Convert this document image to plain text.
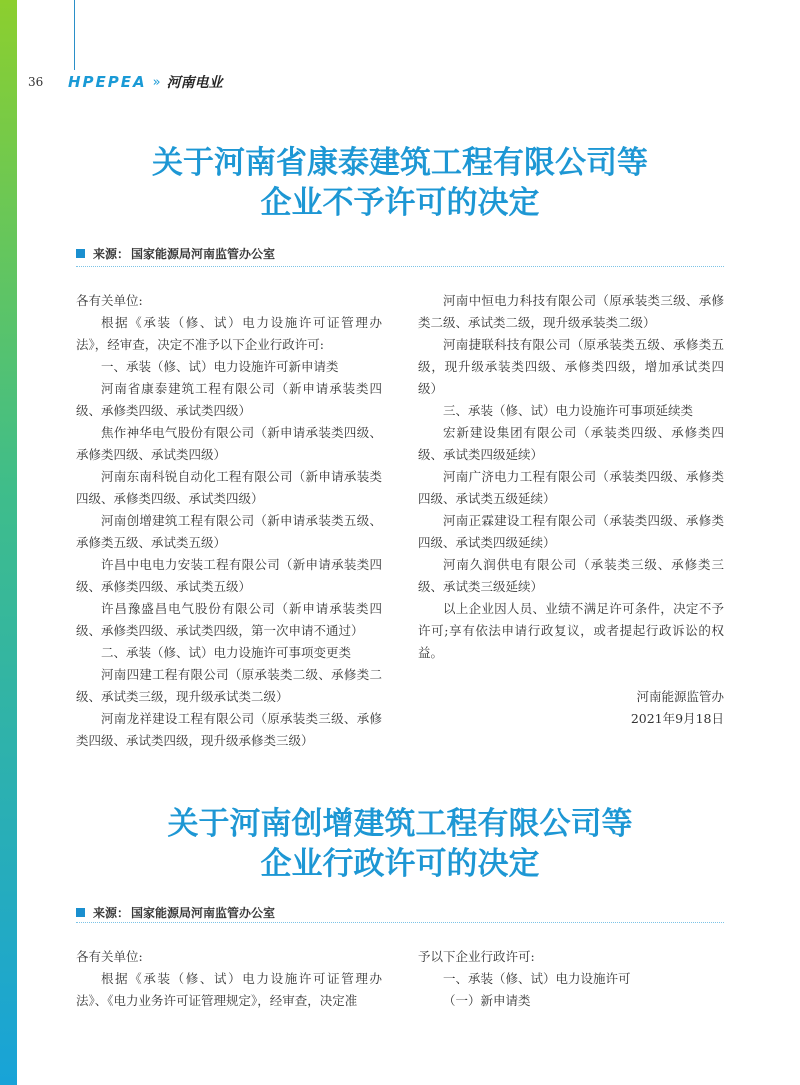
36	HPEPEA » 河南电业
关于河南省康泰建筑工程有限公司等
企业不予许可的决定
来源： 国家能源局河南监管办公室

各有关单位:

根据《承装（修、试）电力设施许可证管理办法》，经审查，决定不准予以下企业行政许可:

一、承装（修、试）电力设施许可新申请类

河南省康泰建筑工程有限公司（新申请承装类四级、承修类四级、承试类四级）

焦作神华电气股份有限公司（新申请承装类四级、承修类四级、承试类四级）

河南东南科锐自动化工程有限公司（新申请承装类四级、承修类四级、承试类四级）

河南创增建筑工程有限公司（新申请承装类五级、承修类五级、承试类五级）

许昌中电电力安装工程有限公司（新申请承装类四级、承修类四级、承试类五级）

许昌豫盛昌电气股份有限公司（新申请承装类四级、承修类四级、承试类四级，第一次申请不通过）

二、承装（修、试）电力设施许可事项变更类

河南四建工程有限公司（原承装类二级、承修类二级、承试类三级，现升级承试类二级）

河南龙祥建设工程有限公司（原承装类三级、承修类四级、承试类四级，现升级承修类三级）

河南中恒电力科技有限公司（原承装类三级、承修类二级、承试类二级，现升级承装类二级）

河南捷联科技有限公司（原承装类五级、承修类五级，现升级承装类四级、承修类四级，增加承试类四级）

三、承装（修、试）电力设施许可事项延续类

宏新建设集团有限公司（承装类四级、承修类四级、承试类四级延续）

河南广济电力工程有限公司（承装类四级、承修类四级、承试类五级延续）

河南正霖建设工程有限公司（承装类四级、承修类四级、承试类四级延续）

河南久润供电有限公司（承装类三级、承修类三级、承试类三级延续）

以上企业因人员、业绩不满足许可条件，决定不予许可;享有依法申请行政复议，或者提起行政诉讼的权益。

河南能源监管办

2021年9月18日

关于河南创增建筑工程有限公司等
企业行政许可的决定
来源： 国家能源局河南监管办公室

各有关单位:

根据《承装（修、试）电力设施许可证管理办法》、《电力业务许可证管理规定》，经审查，决定准

予以下企业行政许可:

一、承装（修、试）电力设施许可

（一）新申请类
